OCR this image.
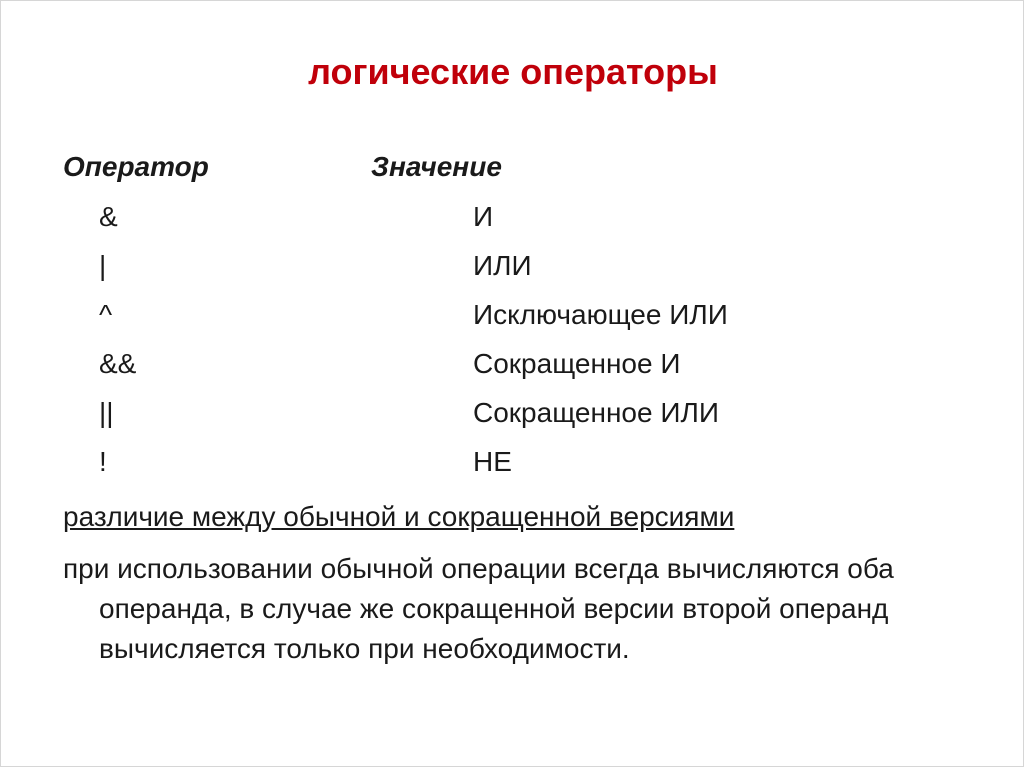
логические операторы
Оператор	Значение
&	И
|	ИЛИ
^	Исключающее ИЛИ
&&	Сокращенное И
||	Сокращенное ИЛИ
!	НЕ
различие между обычной и сокращенной версиями
при использовании обычной операции всегда вычисляются оба операнда, в случае же сокращенной версии второй операнд вычисляется только при необходимости.
